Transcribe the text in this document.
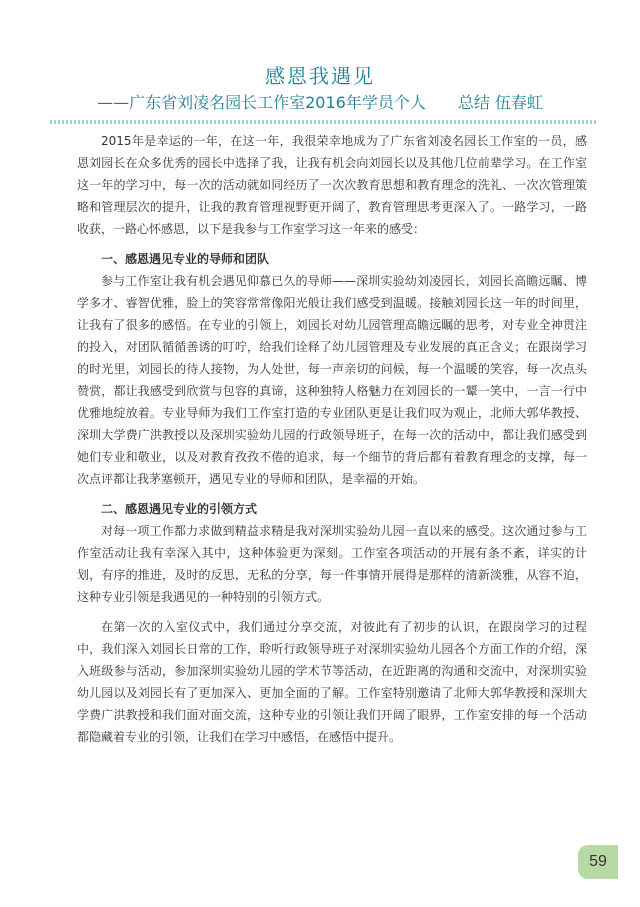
感恩我遇见
——广东省刘凌名园长工作室2016年学员个人　　总结 伍春虹

2015年是幸运的一年，在这一年，我很荣幸地成为了广东省刘凌名园长工作室的一员，感恩刘园长在众多优秀的园长中选择了我，让我有机会向刘园长以及其他几位前辈学习。在工作室这一年的学习中，每一次的活动就如同经历了一次次教育思想和教育理念的洗礼、一次次管理策略和管理层次的提升，让我的教育管理视野更开阔了，教育管理思考更深入了。一路学习，一路收获，一路心怀感恩，以下是我参与工作室学习这一年来的感受：

一、感恩遇见专业的导师和团队

参与工作室让我有机会遇见仰慕已久的导师——深圳实验幼刘凌园长，刘园长高瞻远瞩、博学多才、睿智优雅，脸上的笑容常常像阳光般让我们感受到温暖。接触刘园长这一年的时间里，让我有了很多的感悟。在专业的引领上，刘园长对幼儿园管理高瞻远瞩的思考，对专业全神贯注的投入，对团队循循善诱的叮咛，给我们诠释了幼儿园管理及专业发展的真正含义；在跟岗学习的时光里，刘园长的待人接物，为人处世，每一声亲切的问候，每一个温暖的笑容，每一次点头赞赏，都让我感受到欣赏与包容的真谛，这种独特人格魅力在刘园长的一颦一笑中，一言一行中优雅地绽放着。专业导师为我们工作室打造的专业团队更是让我们叹为观止，北师大郭华教授、深圳大学费广洪教授以及深圳实验幼儿园的行政领导班子，在每一次的活动中，都让我们感受到她们专业和敬业，以及对教育孜孜不倦的追求，每一个细节的背后都有着教育理念的支撑，每一次点评都让我茅塞顿开，遇见专业的导师和团队，是幸福的开始。

二、感恩遇见专业的引领方式

对每一项工作都力求做到精益求精是我对深圳实验幼儿园一直以来的感受。这次通过参与工作室活动让我有幸深入其中，这种体验更为深刻。工作室各项活动的开展有条不紊，详实的计划，有序的推进，及时的反思，无私的分享，每一件事情开展得是那样的清新淡雅，从容不迫，这种专业引领是我遇见的一种特别的引领方式。

在第一次的入室仪式中，我们通过分享交流，对彼此有了初步的认识，在跟岗学习的过程中，我们深入刘园长日常的工作，聆听行政领导班子对深圳实验幼儿园各个方面工作的介绍，深入班级参与活动，参加深圳实验幼儿园的学术节等活动，在近距离的沟通和交流中，对深圳实验幼儿园以及刘园长有了更加深入、更加全面的了解。工作室特别邀请了北师大郭华教授和深圳大学费广洪教授和我们面对面交流，这种专业的引领让我们开阔了眼界，工作室安排的每一个活动都隐藏着专业的引领，让我们在学习中感悟，在感悟中提升。

59
